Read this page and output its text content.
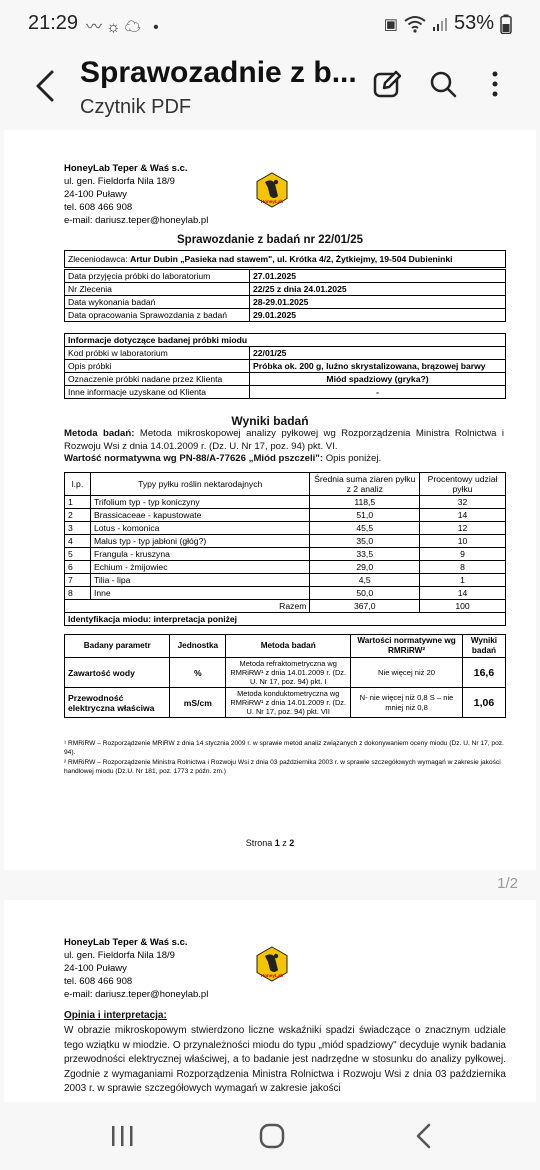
21:29 〰☼☁ •	▣	53%
Sprawozadnie z b...
Czytnik PDF
HoneyLab Teper & Waś s.c.
ul. gen. Fieldorfa Nila 18/9
24-100 Puławy
tel. 608 466 908
e-mail: dariusz.teper@honeylab.pl
HoneyLab
Sprawozdanie z badań nr 22/01/25
Zleceniodawca: Artur Dubin „Pasieka nad stawem", ul. Krótka 4/2, Żytkiejmy, 19-504 Dubieninki
Data przyjęcia próbki do laboratorium	27.01.2025
Nr Zlecenia	22/25 z dnia 24.01.2025
Data wykonania badań	28-29.01.2025
Data opracowania Sprawozdania z badań	29.01.2025
Informacje dotyczące badanej próbki miodu	
Kod próbki w laboratorium	22/01/25
Opis próbki	Próbka ok. 200 g, luźno skrystalizowana, brązowej barwy
Oznaczenie próbki nadane przez Klienta	Miód spadziowy (gryka?)
Inne informacje uzyskane od Klienta	-
Wyniki badań
Metoda badań: Metoda mikroskopowej analizy pyłkowej wg Rozporządzenia Ministra Rolnictwa i Rozwoju Wsi z dnia 14.01.2009 r. (Dz. U. Nr 17, poz. 94) pkt. VI.
Wartość normatywna wg PN-88/A-77626 „Miód pszczeli": Opis poniżej.
l.p.	Typy pyłku roślin nektarodajnych	Średnia suma ziaren pyłku z 2 analiz	Procentowy udział pyłku
1	Trifolium typ - typ koniczyny	118,5	32
2	Brassicaceae - kapustowate	51,0	14
3	Lotus - komonica	45,5	12
4	Malus typ - typ jabłoni (głóg?)	35,0	10
5	Frangula - kruszyna	33,5	9
6	Echium - żmijowiec	29,0	8
7	Tilia - lipa	4,5	1
8	Inne	50,0	14
Razem		367,0	100
Identyfikacja miodu: interpretacja poniżej			
Badany parametr	Jednostka	Metoda badań	Wartości normatywne wg RMRiRW²	Wyniki badań
Zawartość wody	%	Metoda refraktometryczna wg RMRiRW¹ z dnia 14.01.2009 r. (Dz. U. Nr 17, poz. 94) pkt. I	Nie więcej niż 20	16,6
Przewodność elektryczna właściwa	mS/cm	Metoda konduktometryczna wg RMRiRW¹ z dnia 14.01.2009 r. (Dz. U. Nr 17, poz. 94) pkt. VII	N- nie więcej niż 0,8 S – nie mniej niż 0,8	1,06
¹ RMRiRW – Rozporządzenie MRiRW z dnia 14 stycznia 2009 r. w sprawie metod analiz związanych z dokonywaniem oceny miodu (Dz. U. Nr 17, poz. 94).
² RMRiRW – Rozporządzenie Ministra Rolnictwa i Rozwoju Wsi z dnia 03 października 2003 r. w sprawie szczegółowych wymagań w zakresie jakości handlowej miodu (Dz.U. Nr 181, poz. 1773 z późn. zm.)
Strona 1 z 2
1/2
HoneyLab Teper & Waś s.c.
ul. gen. Fieldorfa Nila 18/9
24-100 Puławy
tel. 608 466 908
e-mail: dariusz.teper@honeylab.pl
HoneyLab
Opinia i interpretacja:
W obrazie mikroskopowym stwierdzono liczne wskaźniki spadzi świadczące o znacznym udziale tego wziątku w miodzie. O przynależności miodu do typu „miód spadziowy" decyduje wynik badania przewodności elektrycznej właściwej, a to badanie jest nadrzędne w stosunku do analizy pyłkowej. Zgodnie z wymaganiami Rozporządzenia Ministra Rolnictwa i Rozwoju Wsi z dnia 03 października 2003 r. w sprawie szczegółowych wymagań w zakresie jakości
